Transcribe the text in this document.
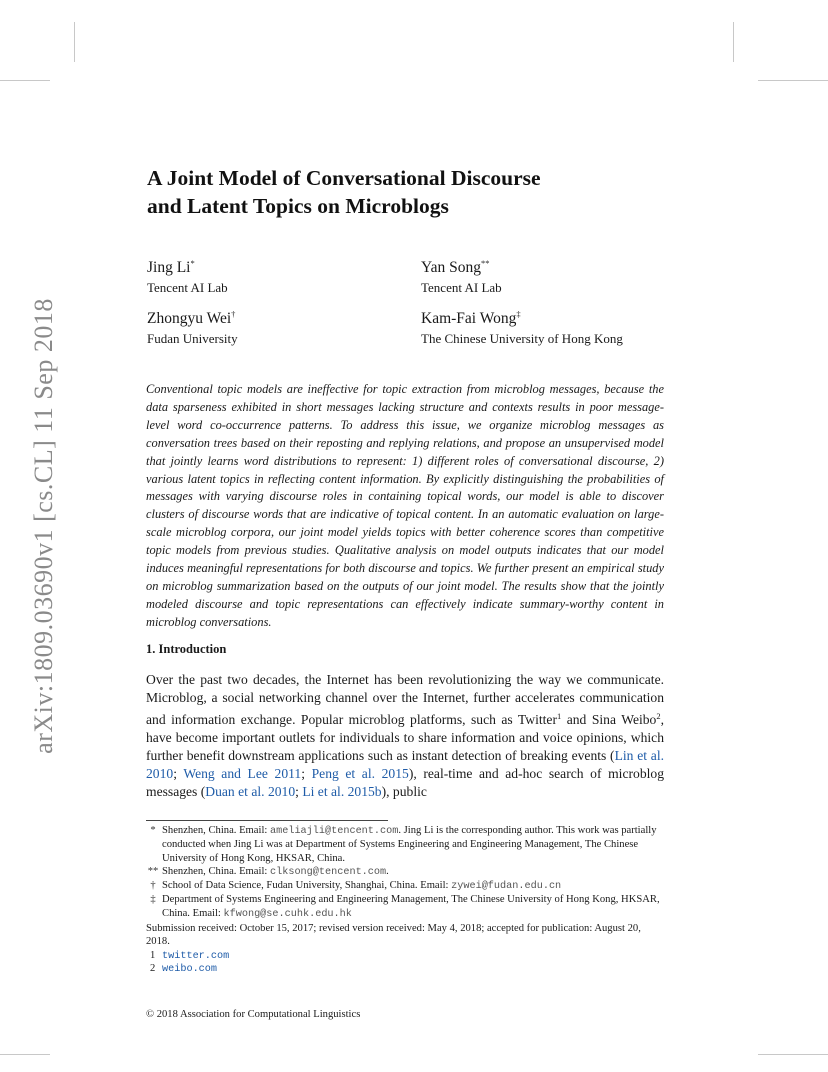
arXiv:1809.03690v1 [cs.CL] 11 Sep 2018
A Joint Model of Conversational Discourse
and Latent Topics on Microblogs
Jing Li*
Tencent AI Lab
Yan Song**
Tencent AI Lab
Zhongyu Wei†
Fudan University
Kam-Fai Wong‡
The Chinese University of Hong Kong
Conventional topic models are ineffective for topic extraction from microblog messages, because the data sparseness exhibited in short messages lacking structure and contexts results in poor message-level word co-occurrence patterns. To address this issue, we organize microblog messages as conversation trees based on their reposting and replying relations, and propose an unsupervised model that jointly learns word distributions to represent: 1) different roles of conversational discourse, 2) various latent topics in reflecting content information. By explicitly distinguishing the probabilities of messages with varying discourse roles in containing topical words, our model is able to discover clusters of discourse words that are indicative of topical content. In an automatic evaluation on large-scale microblog corpora, our joint model yields topics with better coherence scores than competitive topic models from previous studies. Qualitative analysis on model outputs indicates that our model induces meaningful representations for both discourse and topics. We further present an empirical study on microblog summarization based on the outputs of our joint model. The results show that the jointly modeled discourse and topic representations can effectively indicate summary-worthy content in microblog conversations.
1. Introduction
Over the past two decades, the Internet has been revolutionizing the way we communicate. Microblog, a social networking channel over the Internet, further accelerates communication and information exchange. Popular microblog platforms, such as Twitter$^1$ and Sina Weibo$^2$, have become important outlets for individuals to share information and voice opinions, which further benefit downstream applications such as instant detection of breaking events (Lin et al. 2010; Weng and Lee 2011; Peng et al. 2015), real-time and ad-hoc search of microblog messages (Duan et al. 2010; Li et al. 2015b), public
* Shenzhen, China. Email: ameliajli@tencent.com. Jing Li is the corresponding author. This work was partially conducted when Jing Li was at Department of Systems Engineering and Engineering Management, The Chinese University of Hong Kong, HKSAR, China.
** Shenzhen, China. Email: clksong@tencent.com.
† School of Data Science, Fudan University, Shanghai, China. Email: zywei@fudan.edu.cn
‡ Department of Systems Engineering and Engineering Management, The Chinese University of Hong Kong, HKSAR, China. Email: kfwong@se.cuhk.edu.hk
Submission received: October 15, 2017; revised version received: May 4, 2018; accepted for publication: August 20, 2018.
1 twitter.com
2 weibo.com
© 2018 Association for Computational Linguistics
